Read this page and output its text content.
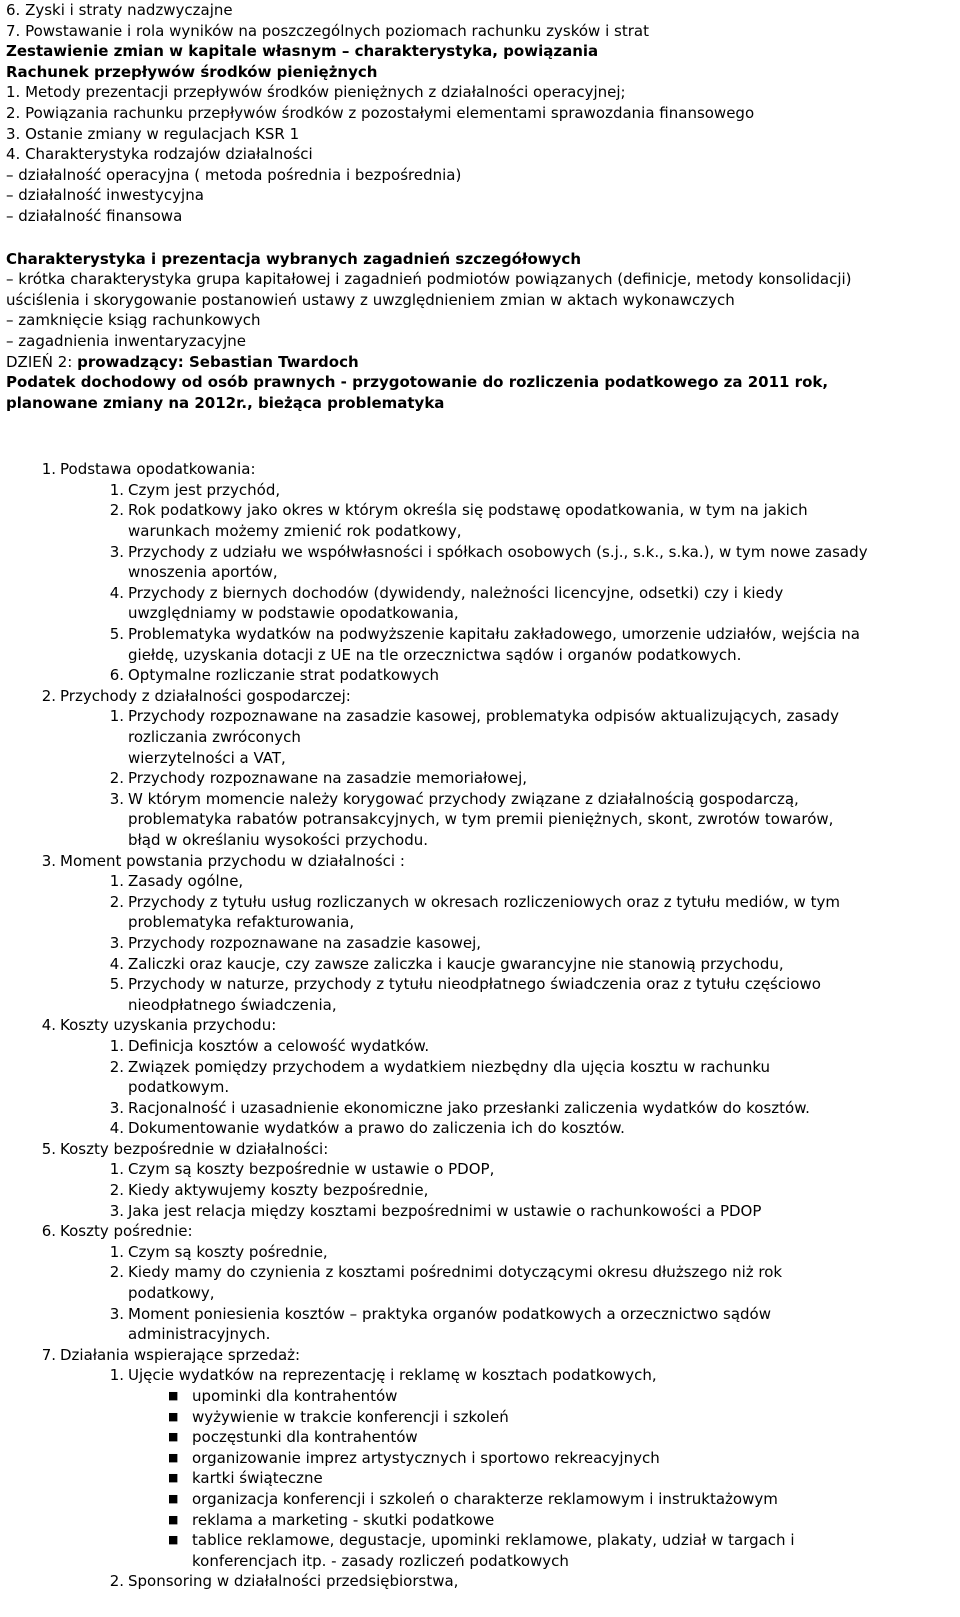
6. Zyski i straty nadzwyczajne
7. Powstawanie i rola wyników na poszczególnych poziomach rachunku zysków i strat
Zestawienie zmian w kapitale własnym – charakterystyka, powiązania
Rachunek przepływów środków pieniężnych
1. Metody prezentacji przepływów środków pieniężnych z działalności operacyjnej;
2. Powiązania rachunku przepływów środków z pozostałymi elementami sprawozdania finansowego
3. Ostanie zmiany w regulacjach KSR 1
4. Charakterystyka rodzajów działalności
– działalność operacyjna ( metoda pośrednia i bezpośrednia)
– działalność inwestycyjna
– działalność finansowa
Charakterystyka i prezentacja wybranych zagadnień szczegółowych
– krótka charakterystyka grupa kapitałowej i zagadnień podmiotów powiązanych (definicje, metody konsolidacji)
uściślenia i skorygowanie postanowień ustawy z uwzględnieniem zmian w aktach wykonawczych
– zamknięcie ksiąg rachunkowych
– zagadnienia inwentaryzacyjne
DZIEŃ 2: prowadzący: Sebastian Twardoch
Podatek dochodowy od osób prawnych - przygotowanie do rozliczenia podatkowego za 2011 rok,
planowane zmiany na 2012r., bieżąca problematyka
1. Podstawa opodatkowania:
1. Czym jest przychód,
2. Rok podatkowy jako okres w którym określa się podstawę opodatkowania, w tym na jakich
warunkach możemy zmienić rok podatkowy,
3. Przychody z udziału we współwłasności i spółkach osobowych (s.j., s.k., s.ka.), w tym nowe zasady
wnoszenia aportów,
4. Przychody z biernych dochodów (dywidendy, należności licencyjne, odsetki) czy i kiedy
uwzględniamy w podstawie opodatkowania,
5. Problematyka wydatków na podwyższenie kapitału zakładowego, umorzenie udziałów, wejścia na
giełdę, uzyskania dotacji z UE na tle orzecznictwa sądów i organów podatkowych.
6. Optymalne rozliczanie strat podatkowych
2. Przychody z działalności gospodarczej:
1. Przychody rozpoznawane na zasadzie kasowej, problematyka odpisów aktualizujących, zasady
rozliczania zwróconych
wierzytelności a VAT,
2. Przychody rozpoznawane na zasadzie memoriałowej,
3. W którym momencie należy korygować przychody związane z działalnością gospodarczą,
problematyka rabatów potransakcyjnych, w tym premii pieniężnych, skont, zwrotów towarów,
błąd w określaniu wysokości przychodu.
3. Moment powstania przychodu w działalności :
1. Zasady ogólne,
2. Przychody z tytułu usług rozliczanych w okresach rozliczeniowych oraz z tytułu mediów, w tym
problematyka refakturowania,
3. Przychody rozpoznawane na zasadzie kasowej,
4. Zaliczki oraz kaucje, czy zawsze zaliczka i kaucje gwarancyjne nie stanowią przychodu,
5. Przychody w naturze, przychody z tytułu nieodpłatnego świadczenia oraz z tytułu częściowo
nieodpłatnego świadczenia,
4. Koszty uzyskania przychodu:
1. Definicja kosztów a celowość wydatków.
2. Związek pomiędzy przychodem a wydatkiem niezbędny dla ujęcia kosztu w rachunku
podatkowym.
3. Racjonalność i uzasadnienie ekonomiczne jako przesłanki zaliczenia wydatków do kosztów.
4. Dokumentowanie wydatków a prawo do zaliczenia ich do kosztów.
5. Koszty bezpośrednie w działalności:
1. Czym są koszty bezpośrednie w ustawie o PDOP,
2. Kiedy aktywujemy koszty bezpośrednie,
3. Jaka jest relacja między kosztami bezpośrednimi w ustawie o rachunkowości a PDOP
6. Koszty pośrednie:
1. Czym są koszty pośrednie,
2. Kiedy mamy do czynienia z kosztami pośrednimi dotyczącymi okresu dłuższego niż rok
podatkowy,
3. Moment poniesienia kosztów – praktyka organów podatkowych a orzecznictwo sądów
administracyjnych.
7. Działania wspierające sprzedaż:
1. Ujęcie wydatków na reprezentację i reklamę w kosztach podatkowych,
■ upominki dla kontrahentów
■ wyżywienie w trakcie konferencji i szkoleń
■ poczęstunki dla kontrahentów
■ organizowanie imprez artystycznych i sportowo rekreacyjnych
■ kartki świąteczne
■ organizacja konferencji i szkoleń o charakterze reklamowym i instruktażowym
■ reklama a marketing - skutki podatkowe
■ tablice reklamowe, degustacje, upominki reklamowe, plakaty, udział w targach i
konferencjach itp. - zasady rozliczeń podatkowych
2. Sponsoring w działalności przedsiębiorstwa,
